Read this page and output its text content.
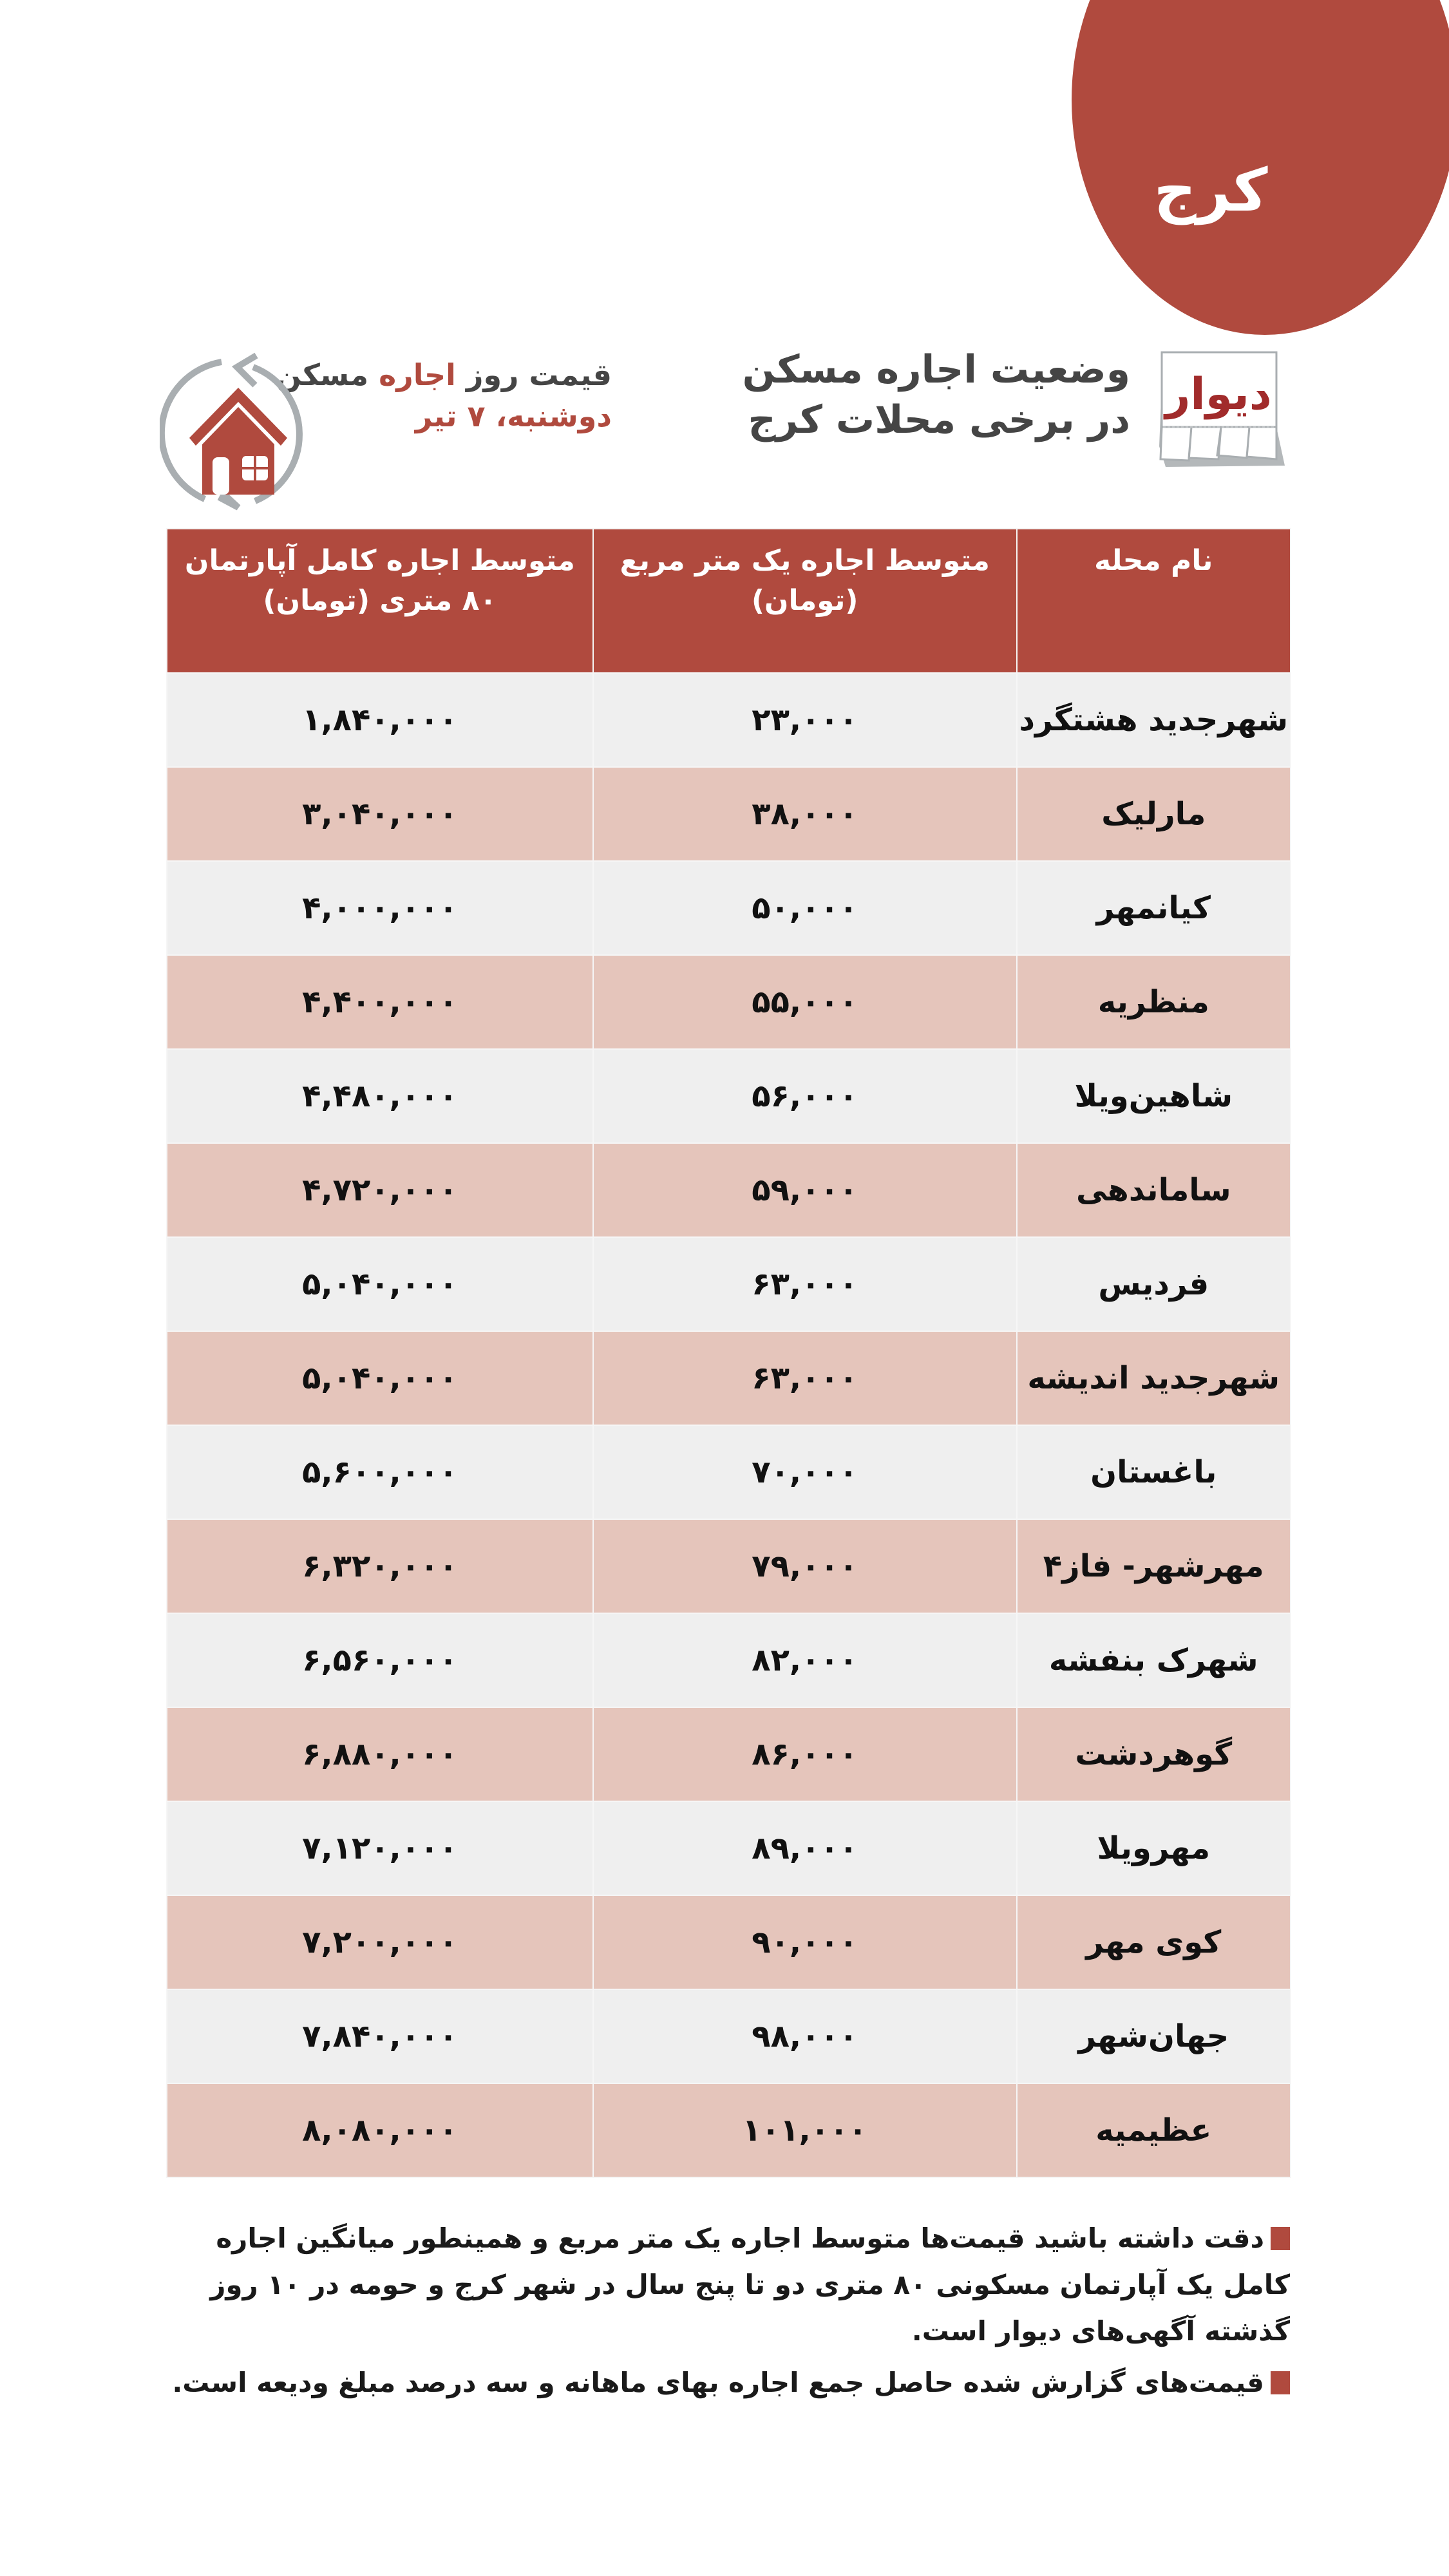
کرج
دیوار
وضعیت اجاره مسکن
در برخی محلات کرج
قیمت روز اجاره مسکن
دوشنبه، ۷ تیر
نام محله	متوسط اجاره یک متر مربع (تومان)	متوسط اجاره کامل آپارتمان ۸۰ متری (تومان)
شهرجدید هشتگرد	۲۳,۰۰۰	۱,۸۴۰,۰۰۰
مارلیک	۳۸,۰۰۰	۳,۰۴۰,۰۰۰
کیانمهر	۵۰,۰۰۰	۴,۰۰۰,۰۰۰
منظریه	۵۵,۰۰۰	۴,۴۰۰,۰۰۰
شاهین‌ویلا	۵۶,۰۰۰	۴,۴۸۰,۰۰۰
ساماندهی	۵۹,۰۰۰	۴,۷۲۰,۰۰۰
فردیس	۶۳,۰۰۰	۵,۰۴۰,۰۰۰
شهرجدید اندیشه	۶۳,۰۰۰	۵,۰۴۰,۰۰۰
باغستان	۷۰,۰۰۰	۵,۶۰۰,۰۰۰
مهرشهر- فاز۴	۷۹,۰۰۰	۶,۳۲۰,۰۰۰
شهرک بنفشه	۸۲,۰۰۰	۶,۵۶۰,۰۰۰
گوهردشت	۸۶,۰۰۰	۶,۸۸۰,۰۰۰
مهرویلا	۸۹,۰۰۰	۷,۱۲۰,۰۰۰
کوی مهر	۹۰,۰۰۰	۷,۲۰۰,۰۰۰
جهان‌شهر	۹۸,۰۰۰	۷,۸۴۰,۰۰۰
عظیمیه	۱۰۱,۰۰۰	۸,۰۸۰,۰۰۰

دقت داشته باشید قیمت‌ها متوسط اجاره یک متر مربع و همینطور میانگین اجاره کامل یک آپارتمان مسکونی ۸۰ متری دو تا پنج سال در شهر کرج و حومه در ۱۰ روز گذشته آگهی‌های دیوار است.

قیمت‌های گزارش شده حاصل جمع اجاره بهای ماهانه و سه درصد مبلغ ودیعه است.
